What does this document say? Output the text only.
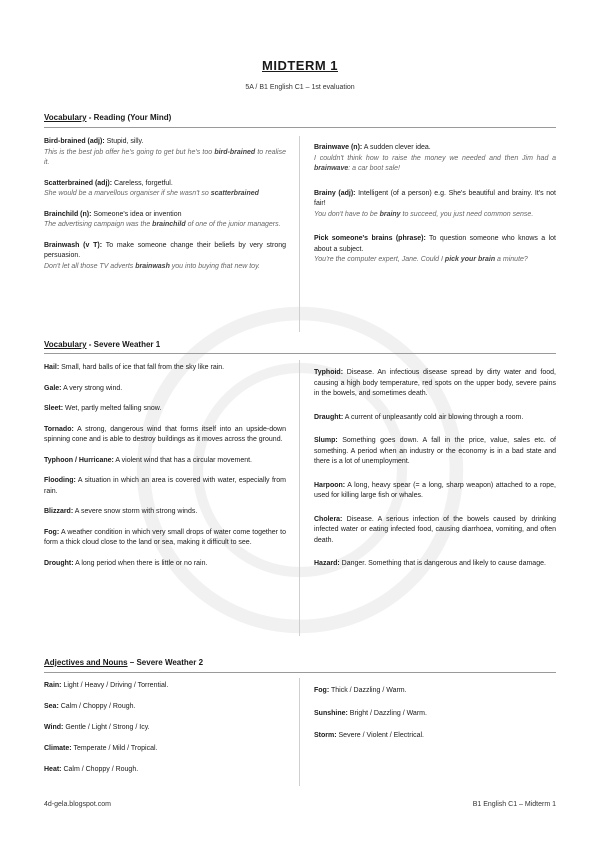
MIDTERM 1
5A / B1 English C1 – 1st evaluation
Vocabulary - Reading (Your Mind)
Bird-brained (adj): Stupid, silly.
This is the best job offer he's going to get but he's too bird-brained to realise it.
Scatterbrained (adj): Careless, forgetful.
She would be a marvellous organiser if she wasn't so scatterbrained
Brainchild (n): Someone's idea or invention
The advertising campaign was the brainchild of one of the junior managers.
Brainwash (v T): To make someone change their beliefs by very strong persuasion.
Don't let all those TV adverts brainwash you into buying that new toy.
Brainwave (n): A sudden clever idea.
I couldn't think how to raise the money we needed and then Jim had a brainwave: a car boot sale!
Brainy (adj): Intelligent (of a person) e.g. She's beautiful and brainy. It's not fair!
You don't have to be brainy to succeed, you just need common sense.
Pick someone's brains (phrase): To question someone who knows a lot about a subject.
You're the computer expert, Jane. Could I pick your brain a minute?
Vocabulary - Severe Weather 1
Hail: Small, hard balls of ice that fall from the sky like rain.
Gale: A very strong wind.
Sleet: Wet, partly melted falling snow.
Tornado: A strong, dangerous wind that forms itself into an upside-down spinning cone and is able to destroy buildings as it moves across the ground.
Typhoon / Hurricane: A violent wind that has a circular movement.
Flooding: A situation in which an area is covered with water, especially from rain.
Blizzard: A severe snow storm with strong winds.
Fog: A weather condition in which very small drops of water come together to form a thick cloud close to the land or sea, making it difficult to see.
Drought: A long period when there is little or no rain.
Typhoid: Disease. An infectious disease spread by dirty water and food, causing a high body temperature, red spots on the upper body, severe pains in the bowels, and sometimes death.
Draught: A current of unpleasantly cold air blowing through a room.
Slump: Something goes down. A fall in the price, value, sales etc. of something. A period when an industry or the economy is in a bad state and there is a lot of unemployment.
Harpoon: A long, heavy spear (= a long, sharp weapon) attached to a rope, used for killing large fish or whales.
Cholera: Disease. A serious infection of the bowels caused by drinking infected water or eating infected food, causing diarrhoea, vomiting, and often death.
Hazard: Danger. Something that is dangerous and likely to cause damage.
Adjectives and Nouns – Severe Weather 2
Rain: Light / Heavy / Driving / Torrential.
Sea: Calm / Choppy / Rough.
Wind: Gentle / Light / Strong / Icy.
Climate: Temperate / Mild / Tropical.
Heat: Calm / Choppy / Rough.
Fog: Thick / Dazzling / Warm.
Sunshine: Bright / Dazzling / Warm.
Storm: Severe / Violent / Electrical.
4d-gela.blogspot.com	B1 English C1 – Midterm 1
